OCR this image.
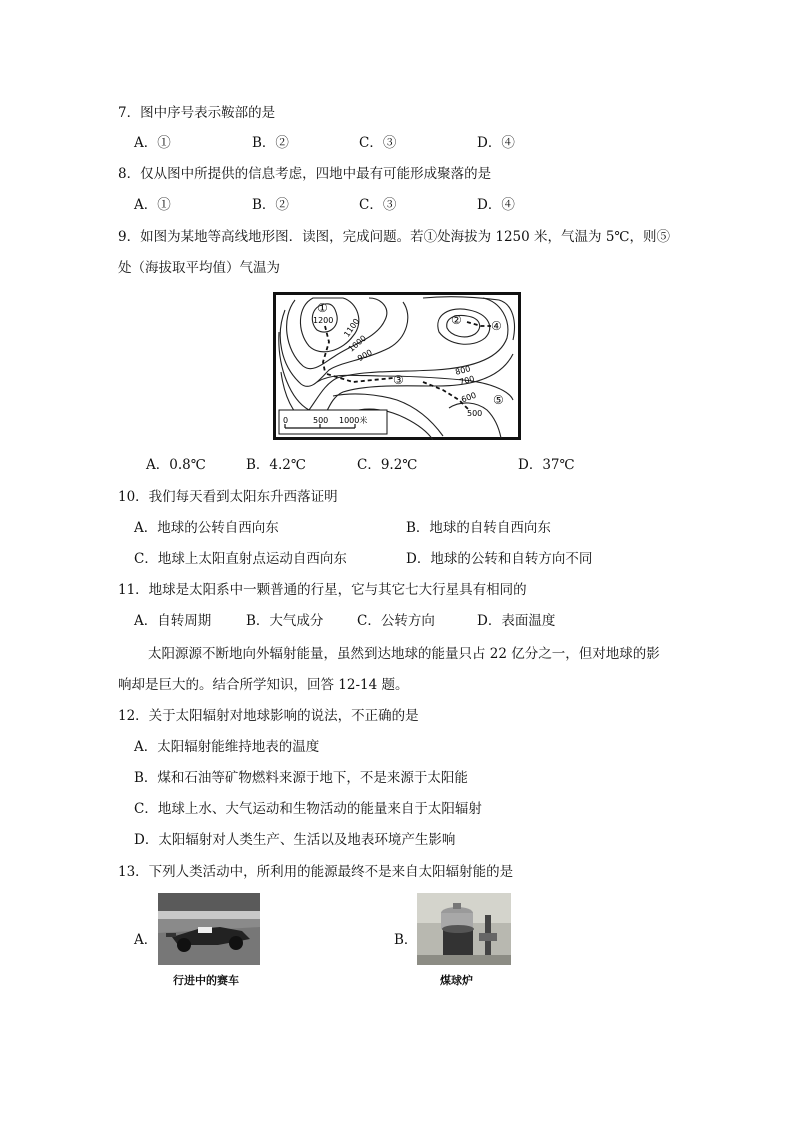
7．图中序号表示鞍部的是
A．①	B．②	C．③	D．④
8．仅从图中所提供的信息考虑，四地中最有可能形成聚落的是
A．①	B．②	C．③	D．④
9．如图为某地等高线地形图．读图，完成问题。若①处海拔为 1250 米，气温为 5℃，则⑤
处（海拔取平均值）气温为
0	500 1000米
1200 1100
1000
900
800
700
600
500
①
②
③
④
⑤
A．0.8℃	B．4.2℃	C．9.2℃	D．37℃
10．我们每天看到太阳东升西落证明
A．地球的公转自西向东	B．地球的自转自西向东
C．地球上太阳直射点运动自西向东	D．地球的公转和自转方向不同
11．地球是太阳系中一颗普通的行星，它与其它七大行星具有相同的
A．自转周期	B．大气成分 C．公转方向	D．表面温度
太阳源源不断地向外辐射能量，虽然到达地球的能量只占 22 亿分之一，但对地球的影
响却是巨大的。结合所学知识，回答 12-14 题。
12．关于太阳辐射对地球影响的说法，不正确的是
A．太阳辐射能维持地表的温度
B．煤和石油等矿物燃料来源于地下，不是来源于太阳能
C．地球上水、大气运动和生物活动的能量来自于太阳辐射
D．太阳辐射对人类生产、生活以及地表环境产生影响
13．下列人类活动中，所利用的能源最终不是来自太阳辐射能的是
A．
行进中的赛车
B．
煤球炉
